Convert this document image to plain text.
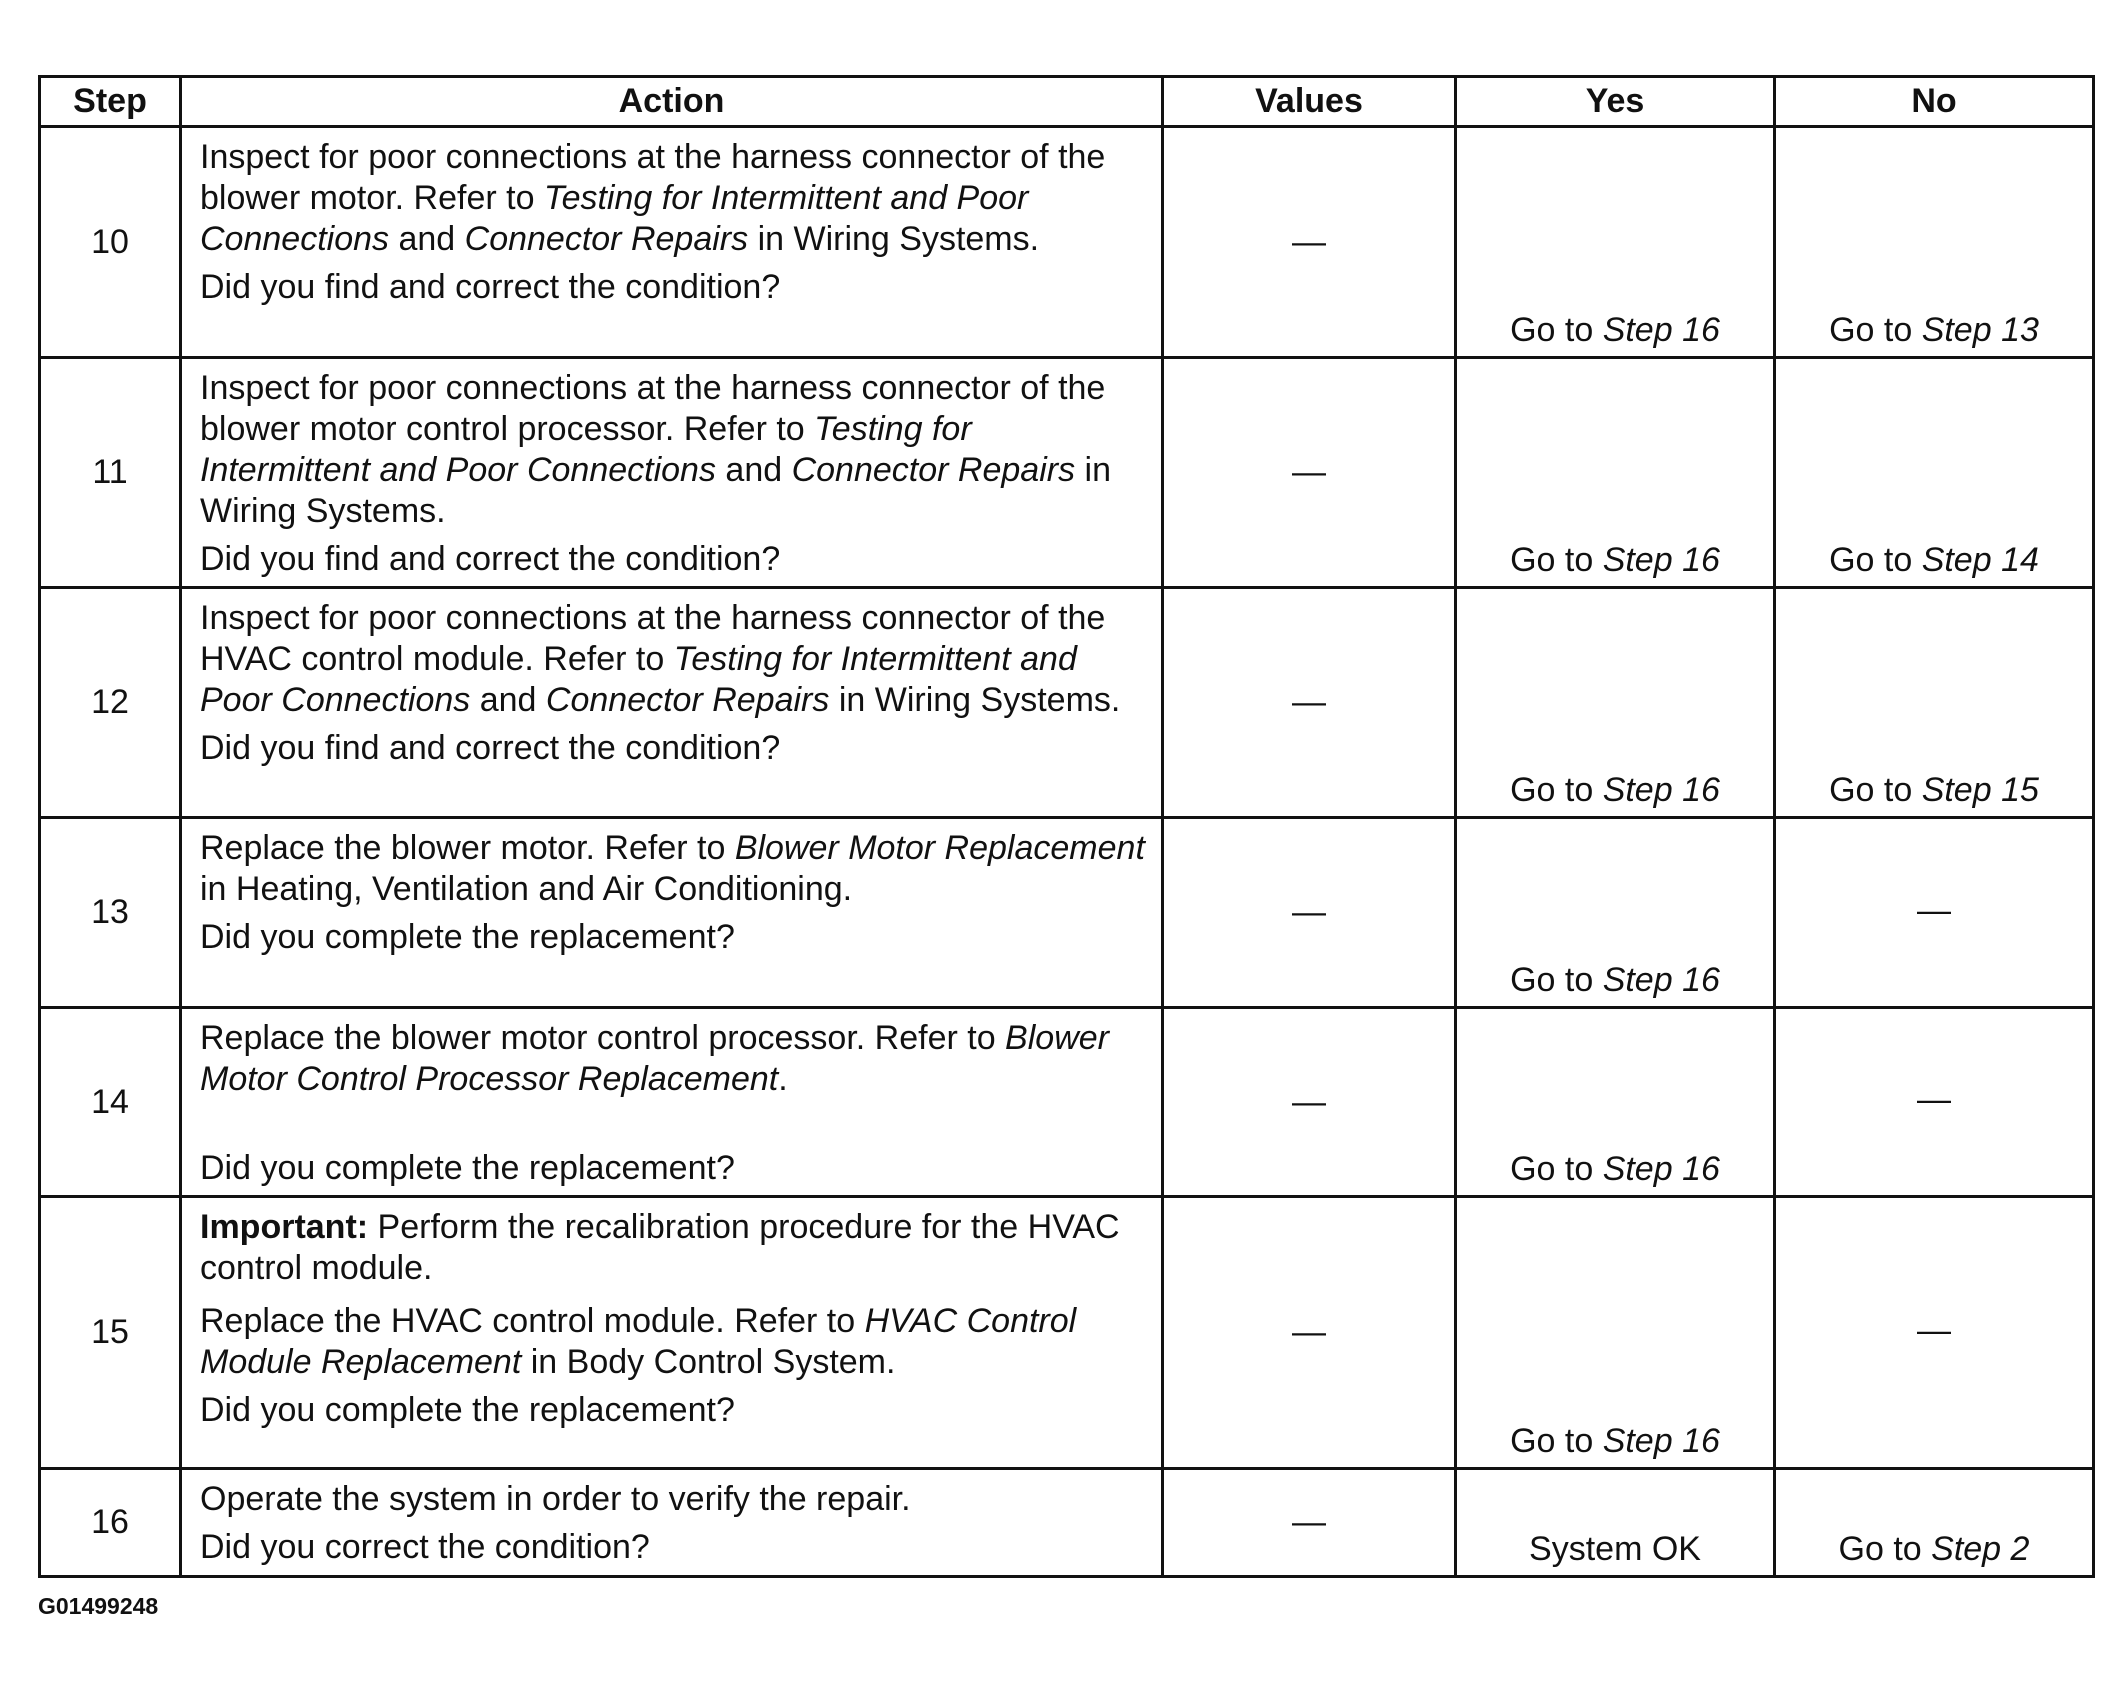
Step	Action	Values	Yes	No
10	Inspect for poor connections at the harness connector of the blower motor. Refer to Testing for Intermittent and Poor Connections and Connector Repairs in Wiring Systems.
Did you find and correct the condition?	—	Go to Step 16	Go to Step 13

11	Inspect for poor connections at the harness connector of the blower motor control processor. Refer to Testing for Intermittent and Poor Connections and Connector Repairs in Wiring Systems.
Did you find and correct the condition?	—	Go to Step 16	Go to Step 14

12	Inspect for poor connections at the harness connector of the HVAC control module. Refer to Testing for Intermittent and Poor Connections and Connector Repairs in Wiring Systems.
Did you find and correct the condition?	—	Go to Step 16	Go to Step 15

13	Replace the blower motor. Refer to Blower Motor Replacement in Heating, Ventilation and Air Conditioning.
Did you complete the replacement?	—	Go to Step 16	—

14	Replace the blower motor control processor. Refer to Blower Motor Control Processor Replacement.
Did you complete the replacement?	—	Go to Step 16	—

15	Important: Perform the recalibration procedure for the HVAC control module.
Replace the HVAC control module. Refer to HVAC Control Module Replacement in Body Control System.
Did you complete the replacement?	—	Go to Step 16	—

16	Operate the system in order to verify the repair.
Did you correct the condition?	—	System OK	Go to Step 2
G01499248
